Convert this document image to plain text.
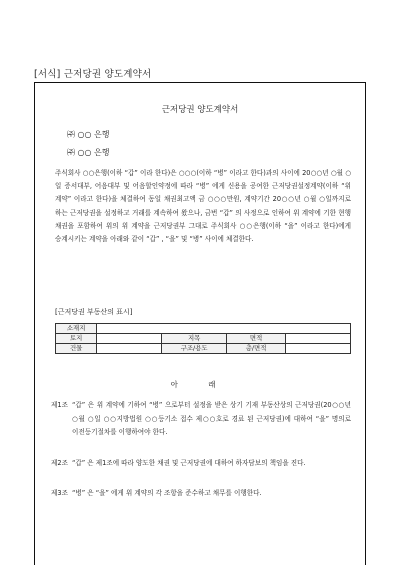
[서식] 근저당권 양도계약서
근저당권 양도계약서
㈜ ○○ 은행
㈜ ○○ 은행
주식회사 ○○은행(이하 “갑” 이라 한다)은 ○○○(이하 “병” 이라고 한다)과의 사이에 20○○년 ○월 ○일 증서대부, 어음대부 및 어음할인약정에 따라 “병” 에게 신용을 공여한 근저당권설정계약(이하 “위 계약” 이라고 한다)을 체결하여 동일 채권최고액 금 ○○○만원, 계약기간 20○○년 ○월 ○일까지로 하는 근저당권을 설정하고 거래를 계속하여 왔으나, 금번 “갑” 의 사정으로 인하여 위 계약에 기한 현행 채권을 포함하여 위의 위 계약을 근저당권부 그대로 주식회사 ○○은행(이하 “을” 이라고 한다)에게 승계시키는 계약을 아래와 같이 “갑” , “을” 및 “병” 사이에 체결한다.
[근저당권 부동산의 표시]
소재지				
토지		지목	면적	
건물		구조/용도	층/면적	
아 래
제1조 “갑” 은 위 계약에 기하여 “병” 으로부터 설정을 받은 상기 기재 부동산상의 근저당권(20○○년 ○월 ○일 ○○지방법원 ○○등기소 접수 제○○호로 경료 된 근저당권)에 대하여 “을” 명의로 이전등기절차를 이행하여야 한다.
제2조 “갑” 은 제1조에 따라 양도한 채권 및 근저당권에 대하여 하자담보의 책임을 진다.
제3조 “병” 은 “을” 에게 위 계약의 각 조항을 준수하고 채무를 이행한다.
